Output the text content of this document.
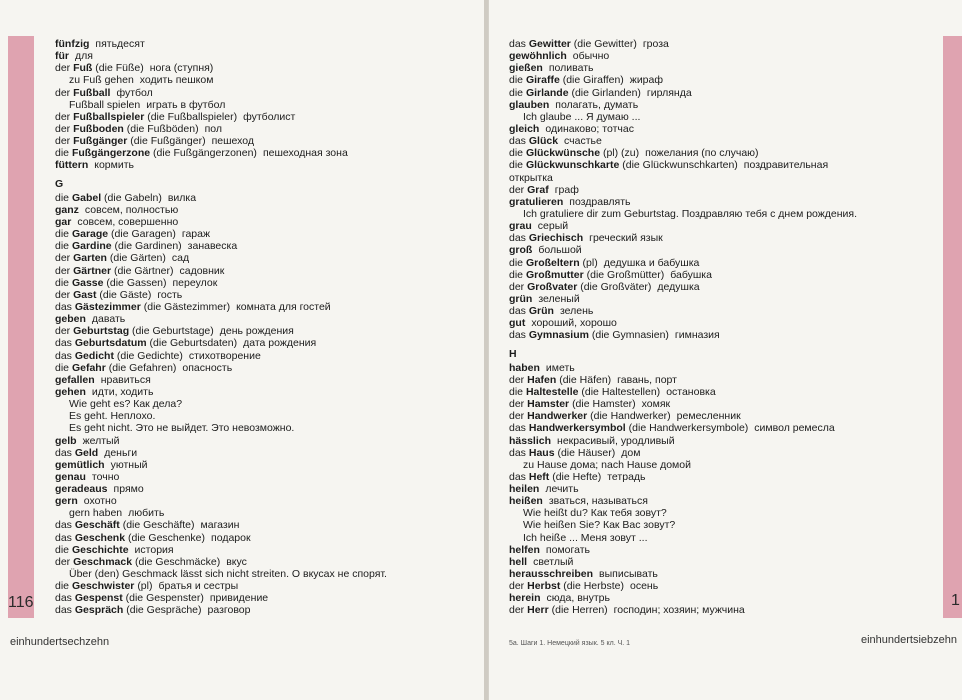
116
fünfzig пятьдесят
für для
der Fuß (die Füße) нога (ступня)
zu Fuß gehen ходить пешком
der Fußball футбол
Fußball spielen играть в футбол
der Fußballspieler (die Fußballspieler) футболист
der Fußboden (die Fußböden) пол
der Fußgänger (die Fußgänger) пешеход
die Fußgängerzone (die Fußgängerzonen) пешеходная зона
füttern кормить
G
die Gabel (die Gabeln) вилка
ganz совсем, полностью
gar совсем, совершенно
die Garage (die Garagen) гараж
die Gardine (die Gardinen) занавеска
der Garten (die Gärten) сад
der Gärtner (die Gärtner) садовник
die Gasse (die Gassen) переулок
der Gast (die Gäste) гость
das Gästezimmer (die Gästezimmer) комната для гостей
geben давать
der Geburtstag (die Geburtstage) день рождения
das Geburtsdatum (die Geburtsdaten) дата рождения
das Gedicht (die Gedichte) стихотворение
die Gefahr (die Gefahren) опасность
gefallen нравиться
gehen идти, ходить
Wie geht es? Как дела?
Es geht. Неплохо.
Es geht nicht. Это не выйдет. Это невозможно.
gelb желтый
das Geld деньги
gemütlich уютный
genau точно
geradeaus прямо
gern охотно
gern haben любить
das Geschäft (die Geschäfte) магазин
das Geschenk (die Geschenke) подарок
die Geschichte история
der Geschmack (die Geschmäcke) вкус
Über (den) Geschmack lässt sich nicht streiten. О вкусах не спорят.
die Geschwister (pl) братья и сестры
das Gespenst (die Gespenster) привидение
das Gespräch (die Gespräche) разговор
einhundertsechzehn
1
das Gewitter (die Gewitter) гроза
gewöhnlich обычно
gießen поливать
die Giraffe (die Giraffen) жираф
die Girlande (die Girlanden) гирлянда
glauben полагать, думать
Ich glaube ... Я думаю ...
gleich одинаково; тотчас
das Glück счастье
die Glückwünsche (pl) (zu) пожелания (по случаю)
die Glückwunschkarte (die Glückwunschkarten) поздравительная
открытка
der Graf граф
gratulieren поздравлять
Ich gratuliere dir zum Geburtstag. Поздравляю тебя с днем рождения.
grau серый
das Griechisch греческий язык
groß большой
die Großeltern (pl) дедушка и бабушка
die Großmutter (die Großmütter) бабушка
der Großvater (die Großväter) дедушка
grün зеленый
das Grün зелень
gut хороший, хорошо
das Gymnasium (die Gymnasien) гимназия
H
haben иметь
der Hafen (die Häfen) гавань, порт
die Haltestelle (die Haltestellen) остановка
der Hamster (die Hamster) хомяк
der Handwerker (die Handwerker) ремесленник
das Handwerkersymbol (die Handwerkersymbole) символ ремесла
hässlich некрасивый, уродливый
das Haus (die Häuser) дом
zu Hause дома; nach Hause домой
das Heft (die Hefte) тетрадь
heilen лечить
heißen зваться, называться
Wie heißt du? Как тебя зовут?
Wie heißen Sie? Как Вас зовут?
Ich heiße ... Меня зовут ...
helfen помогать
hell светлый
herausschreiben выписывать
der Herbst (die Herbste) осень
herein сюда, внутрь
der Herr (die Herren) господин; хозяин; мужчина
5а. Шаги 1. Немецкий язык. 5 кл. Ч. 1	einhundertsiebzehn
